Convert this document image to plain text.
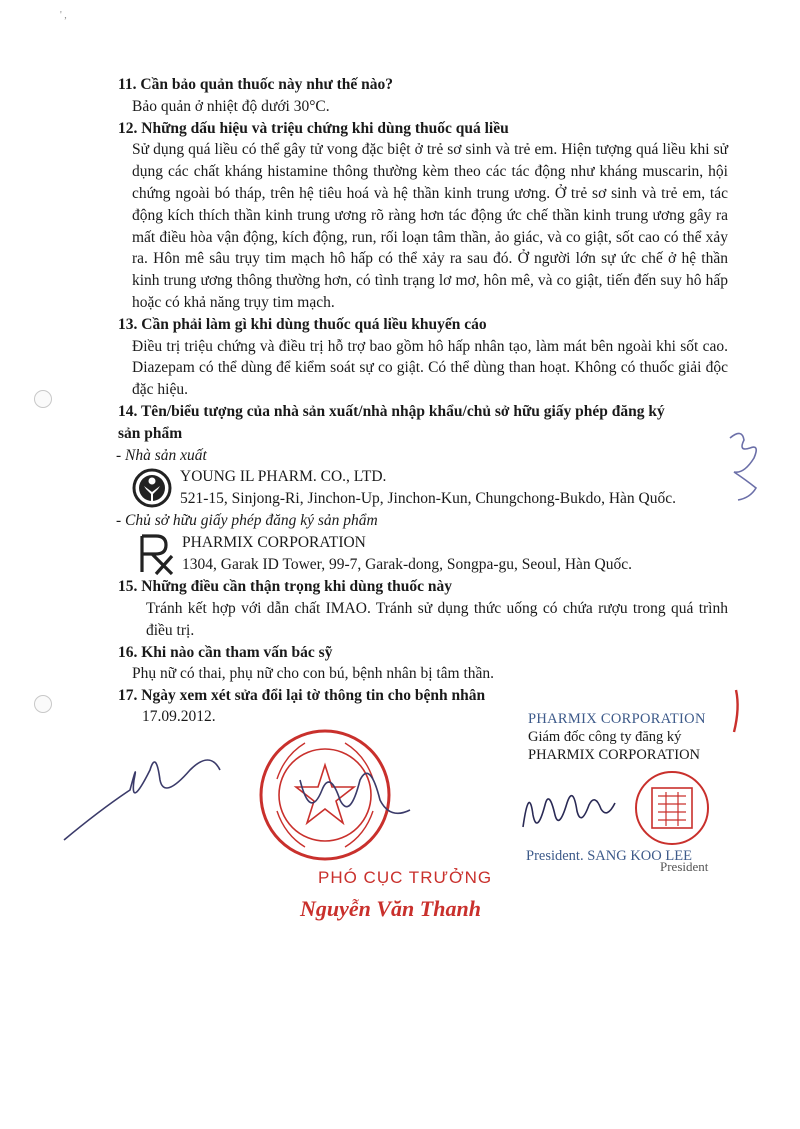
' ,
11. Cần bảo quản thuốc này như thế nào?
Bảo quản ở nhiệt độ dưới 30°C.
12. Những dấu hiệu và triệu chứng khi dùng thuốc quá liều
Sử dụng quá liều có thể gây tử vong đặc biệt ở trẻ sơ sinh và trẻ em. Hiện tượng quá liều khi sử dụng các chất kháng histamine thông thường kèm theo các tác động như kháng muscarin, hội chứng ngoài bó tháp, trên hệ tiêu hoá và hệ thần kinh trung ương. Ở trẻ sơ sinh và trẻ em, tác động kích thích thần kinh trung ương rõ ràng hơn tác động ức chế thần kinh trung ương gây ra mất điều hòa vận động, kích động, run, rối loạn tâm thần, ảo giác, và co giật, sốt cao có thể xảy ra. Hôn mê sâu trụy tim mạch hô hấp có thể xảy ra sau đó. Ở người lớn sự ức chế ở hệ thần kinh trung ương thông thường hơn, có tình trạng lơ mơ, hôn mê, và co giật, tiến đến suy hô hấp hoặc có khả năng trụy tim mạch.
13. Cần phải làm gì khi dùng thuốc quá liều khuyến cáo
Điều trị triệu chứng và điều trị hỗ trợ bao gồm hô hấp nhân tạo, làm mát bên ngoài khi sốt cao. Diazepam có thể dùng để kiểm soát sự co giật. Có thể dùng than hoạt. Không có thuốc giải độc đặc hiệu.
14. Tên/biểu tượng của nhà sản xuất/nhà nhập khẩu/chủ sở hữu giấy phép đăng ký sản phẩm
- Nhà sản xuất
YOUNG IL PHARM. CO., LTD.
521-15, Sinjong-Ri, Jinchon-Up, Jinchon-Kun, Chungchong-Bukdo, Hàn Quốc.
- Chủ sở hữu giấy phép đăng ký sản phẩm
PHARMIX CORPORATION
1304, Garak ID Tower, 99-7, Garak-dong, Songpa-gu, Seoul, Hàn Quốc.
15. Những điều cần thận trọng khi dùng thuốc này
Tránh kết hợp với dẫn chất IMAO. Tránh sử dụng thức uống có chứa rượu trong quá trình điều trị.
16. Khi nào cần tham vấn bác sỹ
Phụ nữ có thai, phụ nữ cho con bú, bệnh nhân bị tâm thần.
17. Ngày xem xét sửa đổi lại tờ thông tin cho bệnh nhân
17.09.2012.	PHARMIX CORPORATION
Giám đốc công ty đăng ký
PHARMIX CORPORATION
President. SANG KOO LEE
President
PHÓ CỤC TRƯỞNG
Nguyễn Văn Thanh
